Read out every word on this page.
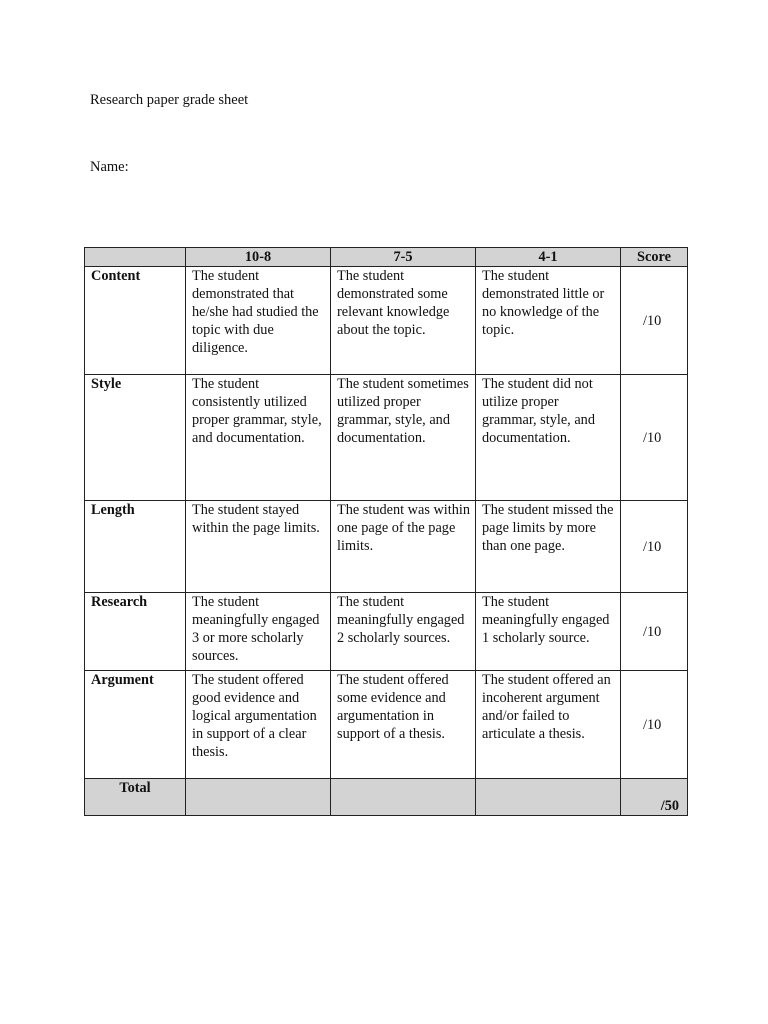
Research paper grade sheet
Name:
	10-8	7-5	4-1	Score
Content	The student demonstrated that he/she had studied the topic with due diligence.	The student demonstrated some relevant knowledge about the topic.	The student demonstrated little or no knowledge of the topic.	/10
Style	The student consistently utilized proper grammar, style, and documentation.	The student sometimes utilized proper grammar, style, and documentation.	The student did not utilize proper grammar, style, and documentation.	/10
Length	The student stayed within the page limits.	The student was within one page of the page limits.	The student missed the page limits by more than one page.	/10
Research	The student meaningfully engaged 3 or more scholarly sources.	The student meaningfully engaged 2 scholarly sources.	The student meaningfully engaged 1 scholarly source.	/10
Argument	The student offered good evidence and logical argumentation in support of a clear thesis.	The student offered some evidence and argumentation in support of a thesis.	The student offered an incoherent argument and/or failed to articulate a thesis.	/10
Total				/50
